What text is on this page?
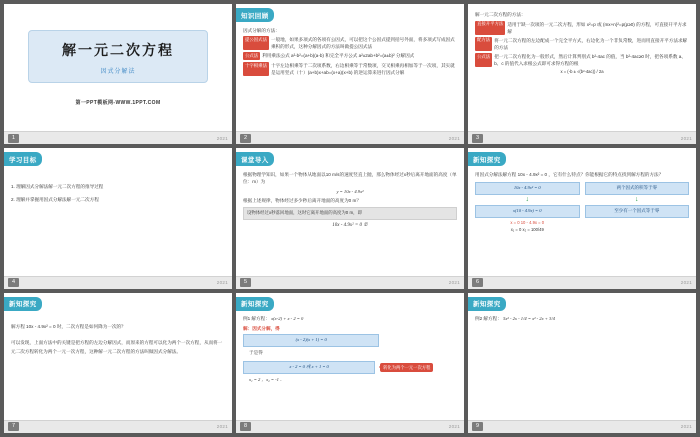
解一元二次方程
因式分解法
第一PPT模板网-WWW.1PPT.COM
1	2021
知识回顾

因式分解的方法：

提公因式法 一般地，如果多项式的各项有公因式，可以把这个公因式提到括号外面，将多项式写成因式乘积的形式，这种分解因式的方法叫做提公因式法
公式法 利用乘法公式 a²-b²=(a+b)(a-b) 和完全平方公式 a²±2ab+b²=(a±b)² 分解因式
十字相乘法 十字左边相乘等于二次项系数，右边相乘等于常数项，交叉相乘再相加等于一次项，其实就是运用竖式（十）(a+b)x+ab=(x+a)(x+b) 的逆运算来进行因式分解
2	2021

解一元二次方程的方法：

直接开平方法 适用于缺一次项的一元二次方程，形如 x²=p 或 (mx+n)²=p(p≥0) 的方程，可直接开平方求解
配方法 将一元二次方程的左边配成一个完全平方式，右边化为一个非负常数，进而用直接开平方法求解的方法
公式法 把一元二次方程化为一般形式，然后计算判别式 b²-4ac 的值，当 b²-4ac≥0 时，把各项系数 a、b、c 的值代入求根公式即可求得方程的根
x = (-b ± √(b²-4ac)) / 2a
3	2021
学习目标

1. 理解因式分解法解一元二次方程的推导过程

2. 理解并掌握用因式分解法解一元二次方程

4	2021
课堂导入

根据物理学知识，如果一个物体从地面以10 m/s的速度竖直上抛，那么物体经过x秒后离开地面的高度（单位：m）为

y = 10x - 4.9x²

根据上述规律，物体经过多少秒后离开地面的高度为0 m？

设物体经过x秒落回地面，这时它离开地面的高度为0 m，即
10x - 4.9x² = 0 ①
5	2021
新知探究

用因式分解法解方程 10x - 4.9x² = 0 ，它有什么特点？你能根据它的特点找到解方程的方法？

10x - 4.9x² = 0
↓
x(10 - 4.9x) = 0
x = 0 10 - 4.9x = 0
x₁ = 0 x₂ = 100/49
两个因式的积等于零
↓
至少有一个因式等于零
6	2021
新知探究

解方程 10x - 4.9x² = 0 时，二次方程是如何降为一次的？

可以发现，上面方法中的关键是把方程的左边分解因式，而原来的方程可以化为两个一次方程，从而将一元二次方程转化为两个一元一次方程，这种解一元二次方程的方法叫做因式分解法。

7	2021
新知探究

例1 解方程： x(x-2) + x - 2 = 0

解：因式分解，得

(x - 2)(x + 1) = 0

于是得

x - 2 = 0 或 x + 1 = 0	转化为两个一元一次方程

x₁ = 2 ，x₂ = -1 ．

8	2021
新知探究

例2 解方程： 5x² - 2x - 1/4 = x² - 2x + 3/4

9	2021
